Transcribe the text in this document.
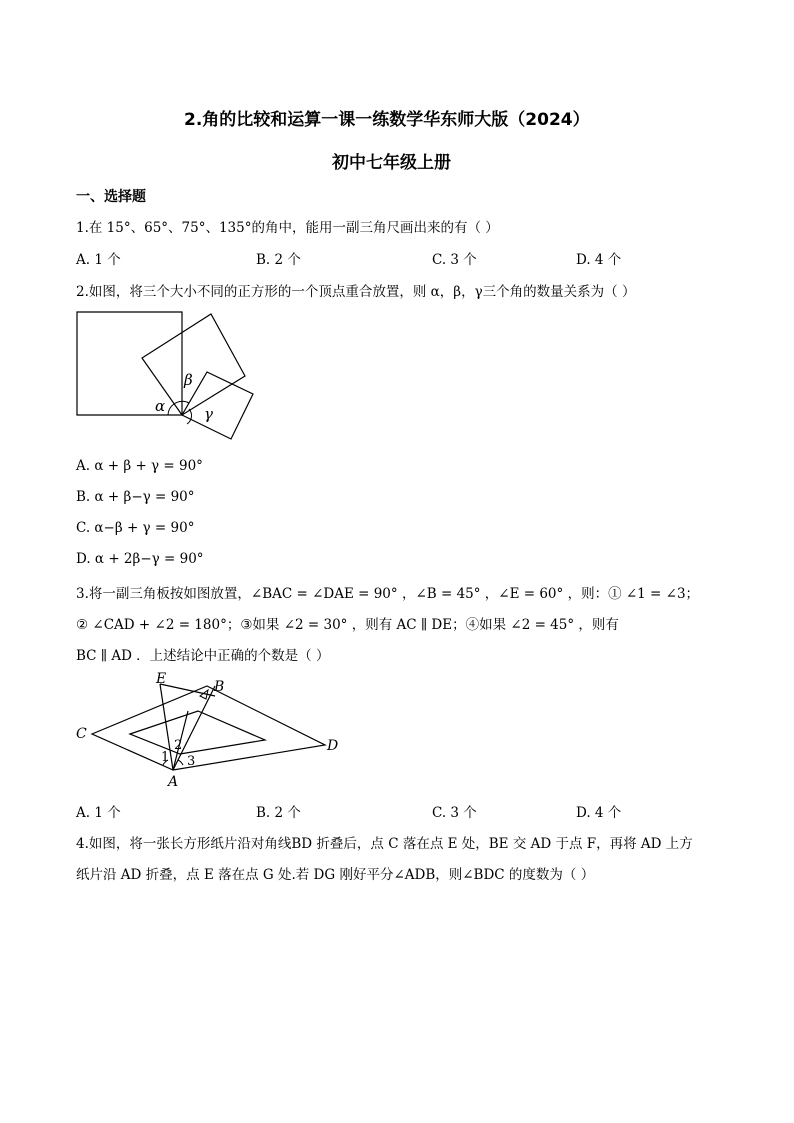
2.角的比较和运算一课一练数学华东师大版（2024）
初中七年级上册
一、选择题
1.在 15°、65°、75°、135°的角中，能用一副三角尺画出来的有（ ）
A. 1 个	B. 2 个	C. 3 个	D. 4 个
2.如图，将三个大小不同的正方形的一个顶点重合放置，则 α，β，γ三个角的数量关系为（ ）
α
β
γ
A. α + β + γ = 90°
B. α + β−γ = 90°
C. α−β + γ = 90°
D. α + 2β−γ = 90°
3.将一副三角板按如图放置，∠BAC = ∠DAE = 90° ，∠B = 45° ，∠E = 60° ，则：① ∠1 = ∠3；
② ∠CAD + ∠2 = 180°；③如果 ∠2 = 30° ，则有 AC ∥ DE；④如果 ∠2 = 45° ，则有
BC ∥ AD ．上述结论中正确的个数是（ ）
E	B
C
D
A
1
2
3
A. 1 个	B. 2 个	C. 3 个	D. 4 个
4.如图，将一张长方形纸片沿对角线BD 折叠后，点 C 落在点 E 处，BE 交 AD 于点 F，再将 AD 上方
纸片沿 AD 折叠，点 E 落在点 G 处.若 DG 刚好平分∠ADB，则∠BDC 的度数为（ ）
